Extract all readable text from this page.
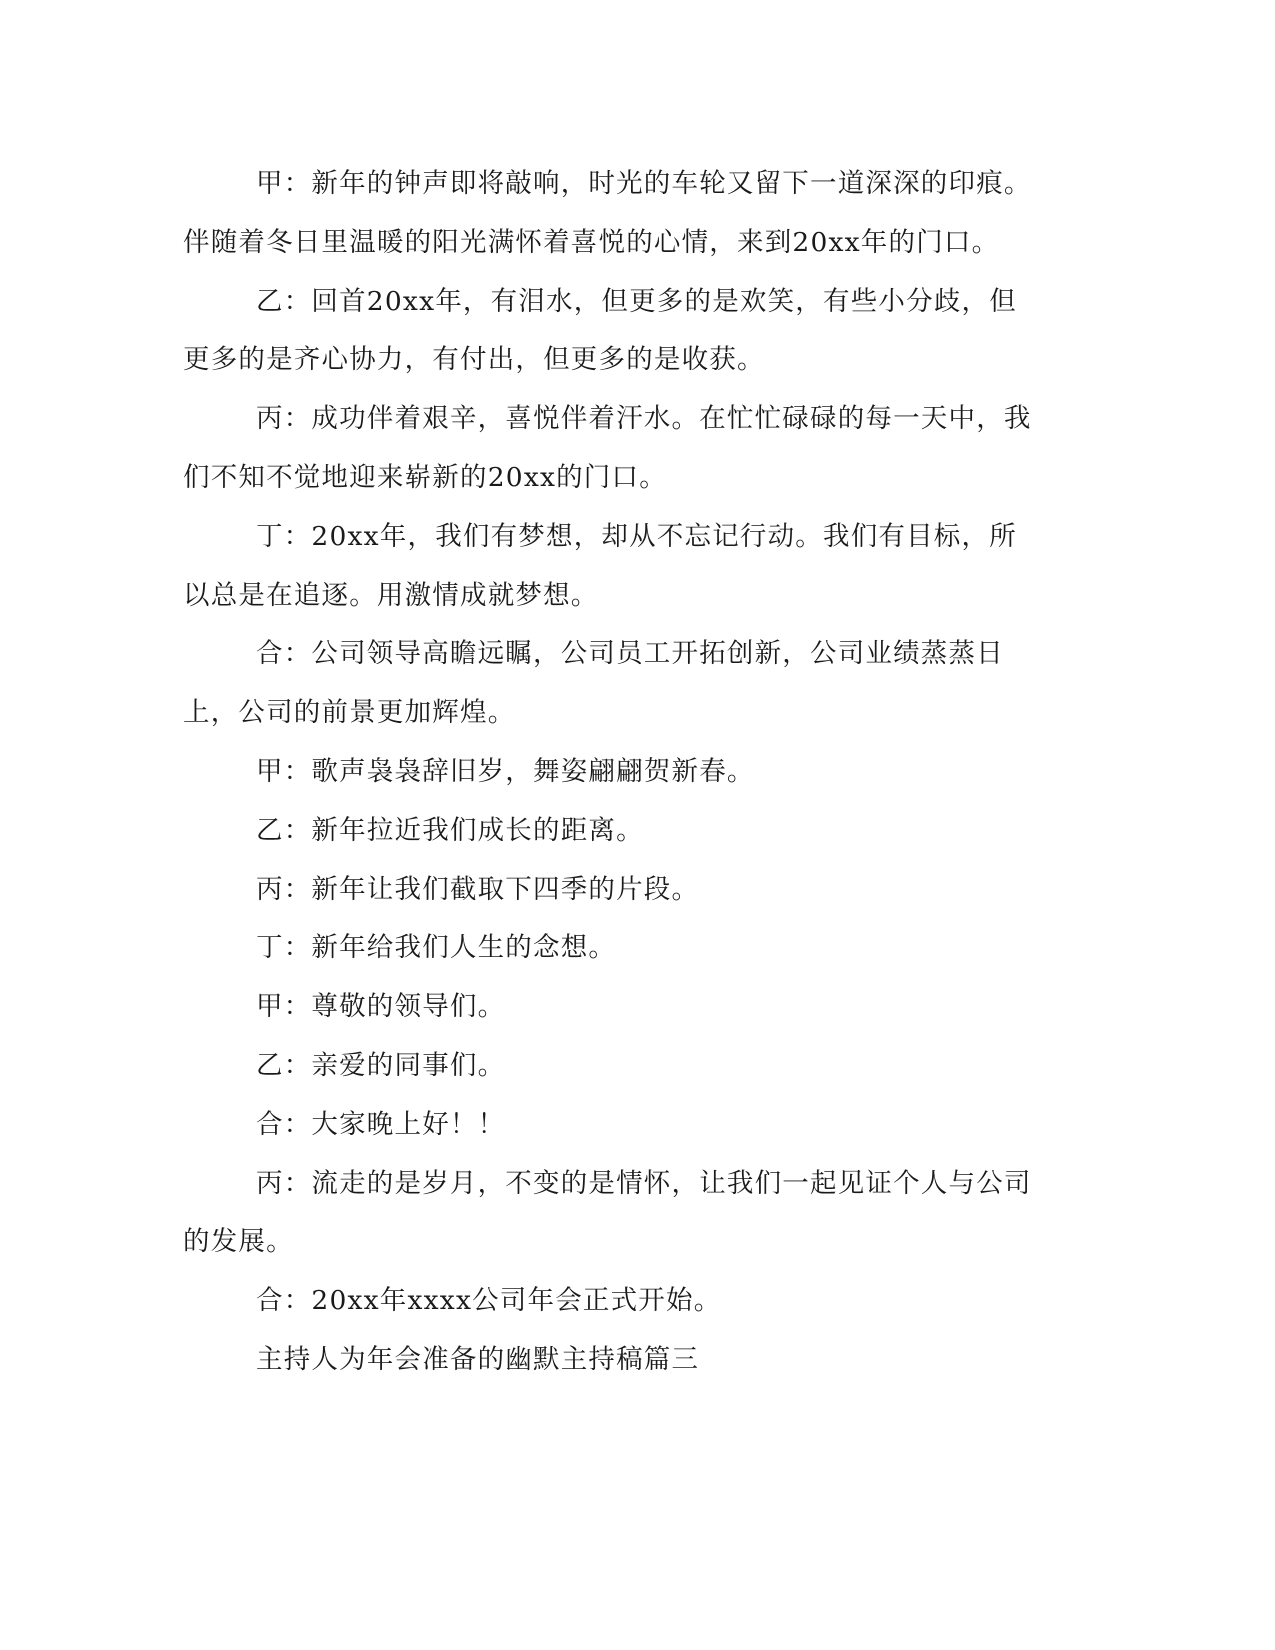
甲：新年的钟声即将敲响，时光的车轮又留下一道深深的印痕。伴随着冬日里温暖的阳光满怀着喜悦的心情，来到20xx年的门口。

乙：回首20xx年，有泪水，但更多的是欢笑，有些小分歧，但更多的是齐心协力，有付出，但更多的是收获。

丙：成功伴着艰辛，喜悦伴着汗水。在忙忙碌碌的每一天中，我们不知不觉地迎来崭新的20xx的门口。

丁：20xx年，我们有梦想，却从不忘记行动。我们有目标，所以总是在追逐。用激情成就梦想。

合：公司领导高瞻远瞩，公司员工开拓创新，公司业绩蒸蒸日上，公司的前景更加辉煌。

甲：歌声袅袅辞旧岁，舞姿翩翩贺新春。

乙：新年拉近我们成长的距离。

丙：新年让我们截取下四季的片段。

丁：新年给我们人生的念想。

甲：尊敬的领导们。

乙：亲爱的同事们。

合：大家晚上好！！

丙：流走的是岁月，不变的是情怀，让我们一起见证个人与公司的发展。

合：20xx年xxxx公司年会正式开始。

主持人为年会准备的幽默主持稿篇三
